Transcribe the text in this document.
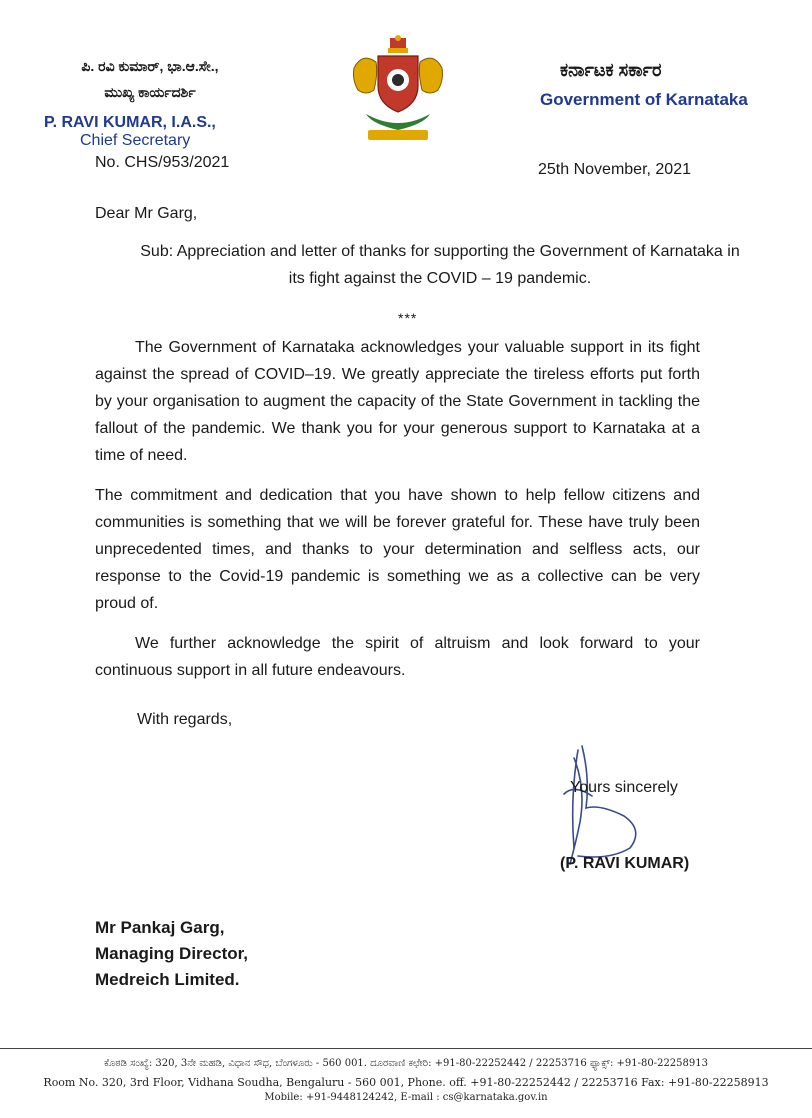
ಪಿ. ರವಿ ಕುಮಾರ್, ಭಾ.ಆ.ಸೇ.,
ಮುಖ್ಯ ಕಾರ್ಯದರ್ಶಿ
P. RAVI KUMAR, I.A.S.,
Chief Secretary
No. CHS/953/2021
ಕರ್ನಾಟಕ ಸರ್ಕಾರ
Government of Karnataka
25th November, 2021
Dear Mr Garg,
Sub: Appreciation and letter of thanks for supporting the Government of Karnataka in its fight against the COVID – 19 pandemic.
***
The Government of Karnataka acknowledges your valuable support in its fight against the spread of COVID–19. We greatly appreciate the tireless efforts put forth by your organisation to augment the capacity of the State Government in tackling the fallout of the pandemic. We thank you for your generous support to Karnataka at a time of need.
The commitment and dedication that you have shown to help fellow citizens and communities is something that we will be forever grateful for. These have truly been unprecedented times, and thanks to your determination and selfless acts, our response to the Covid-19 pandemic is something we as a collective can be very proud of.
We further acknowledge the spirit of altruism and look forward to your continuous support in all future endeavours.
With regards,
Yours sincerely
(P. RAVI KUMAR)
Mr Pankaj Garg,
Managing Director,
Medreich Limited.
ಕೊಠಡಿ ಸಂಖ್ಯೆ: 320, 3ನೇ ಮಹಡಿ, ವಿಧಾನ ಸೌಧ, ಬೆಂಗಳೂರು - 560 001. ದೂರವಾಣಿ ಕಛೇರಿ: +91-80-22252442 / 22253716 ಫ್ಯಾಕ್ಸ್: +91-80-22258913
Room No. 320, 3rd Floor, Vidhana Soudha, Bengaluru - 560 001, Phone. off. +91-80-22252442 / 22253716 Fax: +91-80-22258913
Mobile: +91-9448124242, E-mail : cs@karnataka.gov.in
